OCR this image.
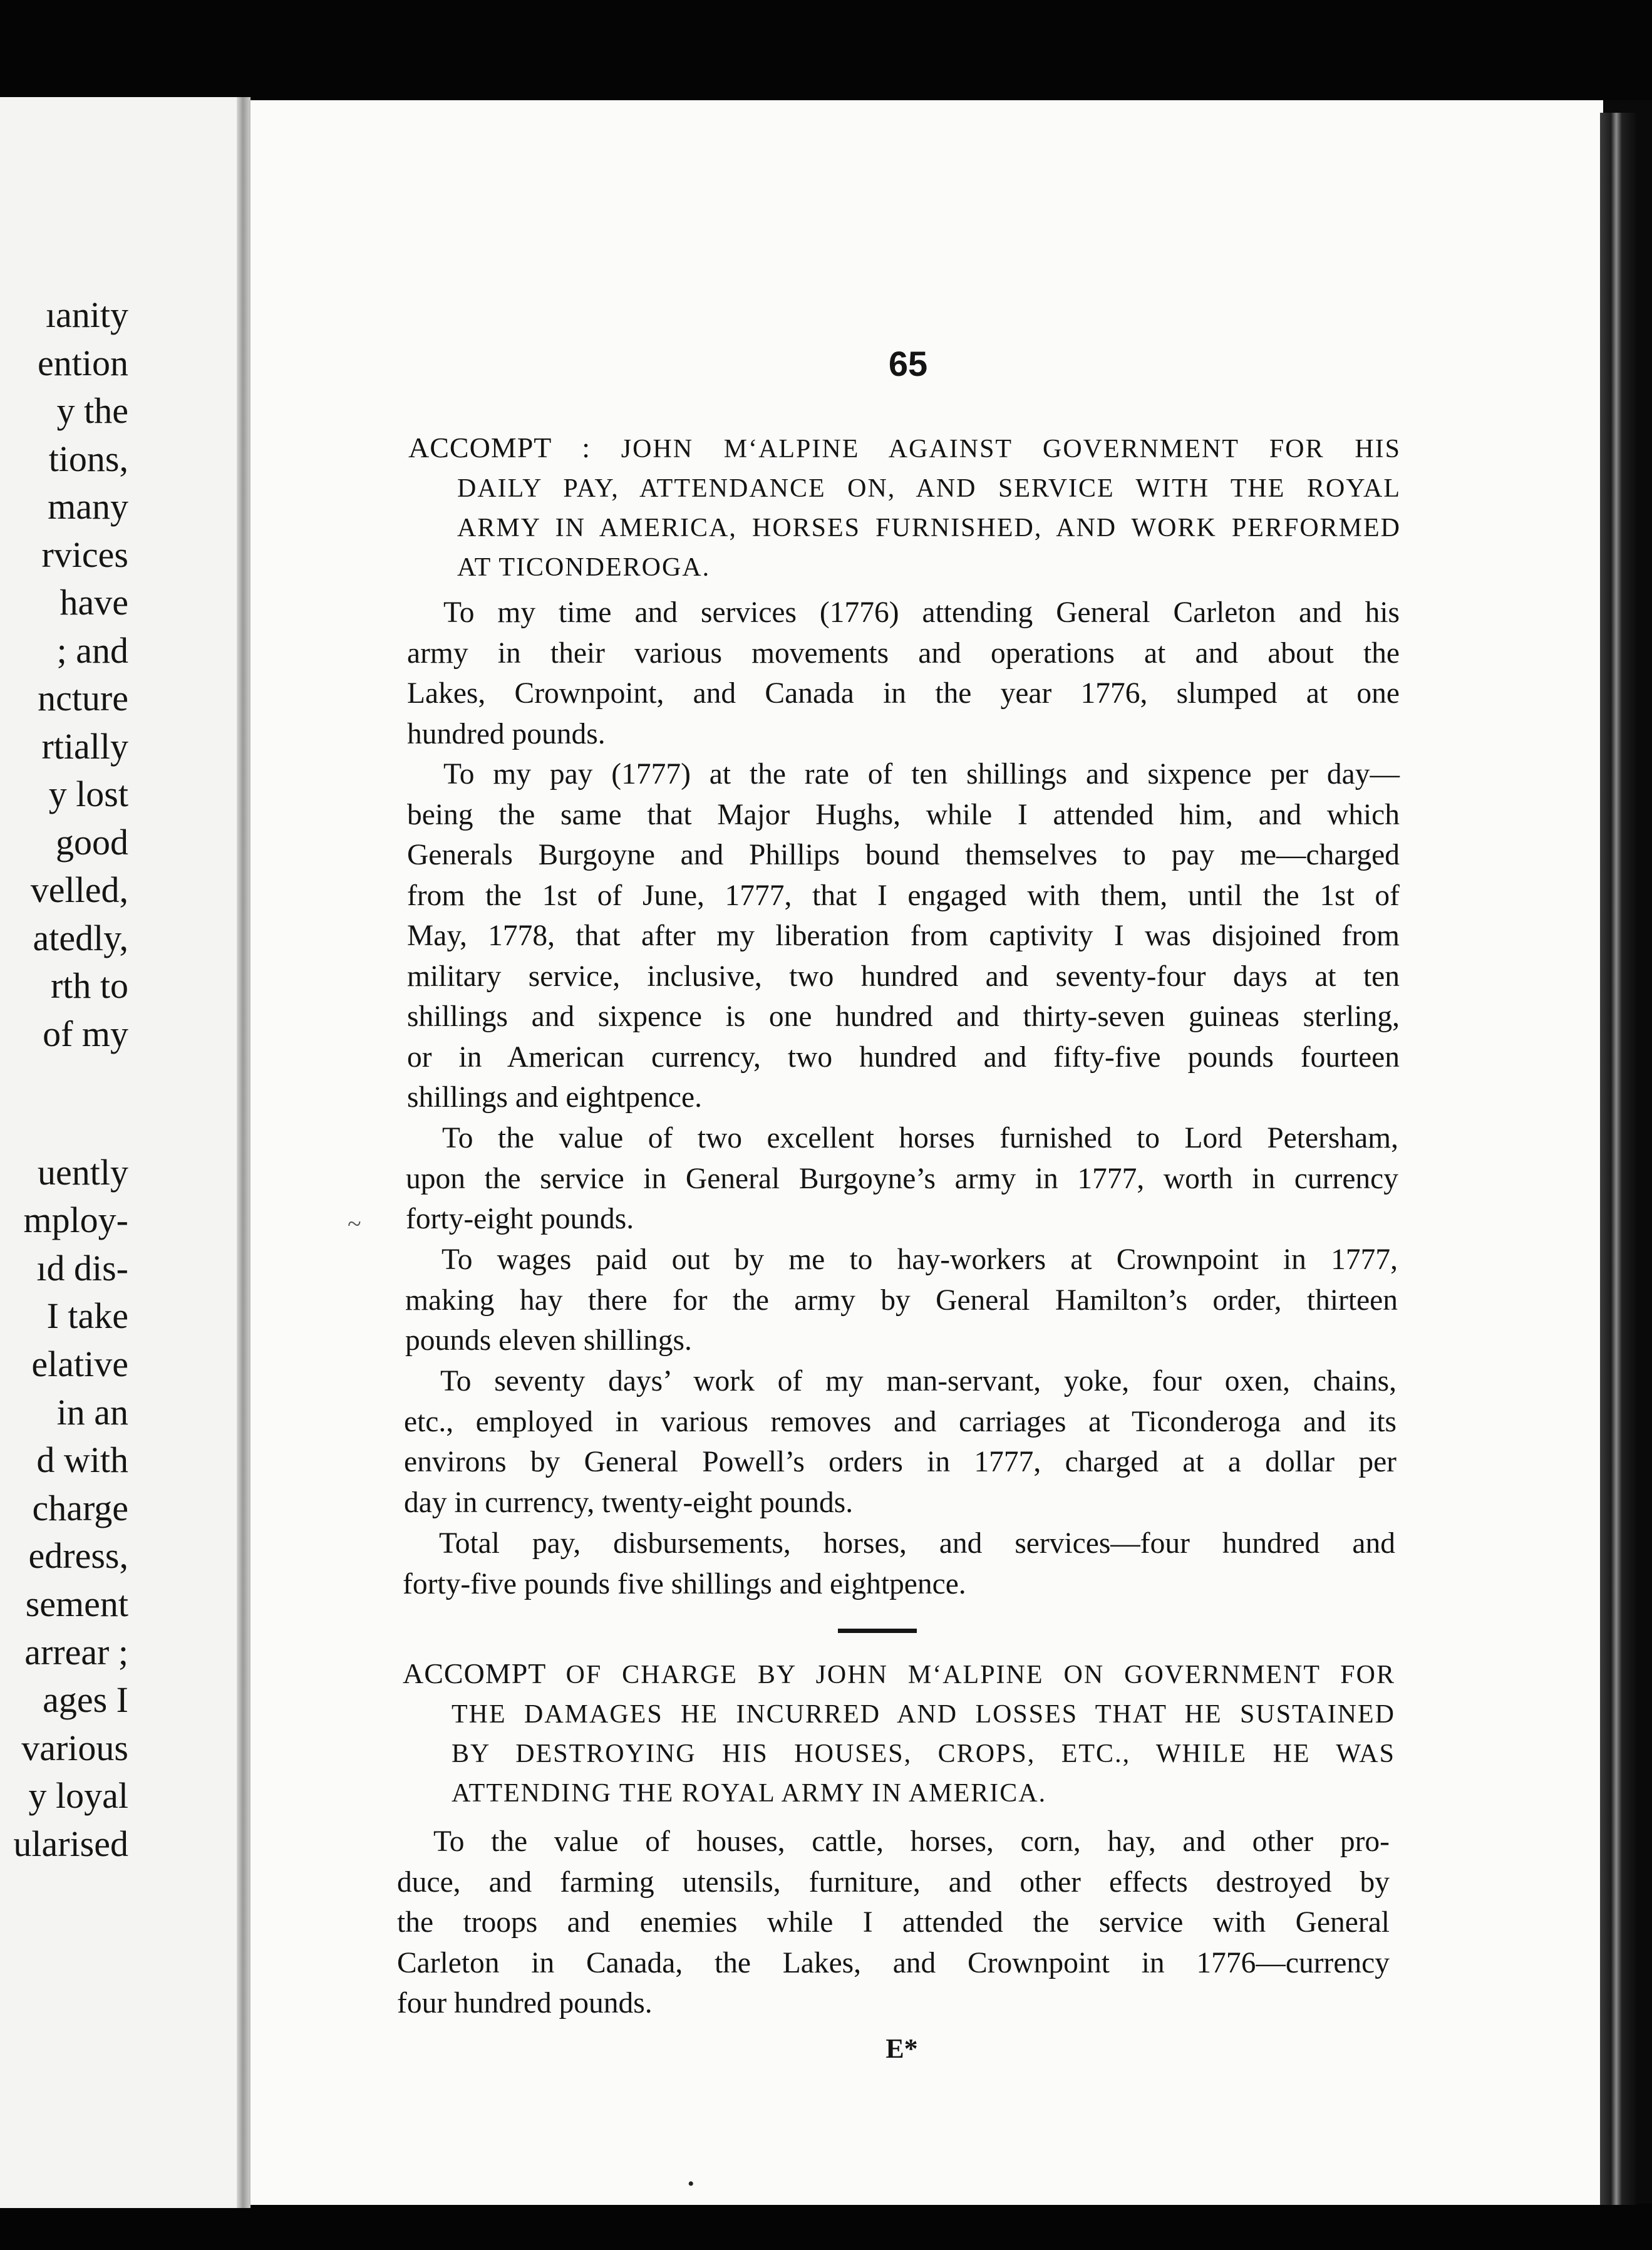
ıanity
ention
y the
tions,
many
rvices
have
; and
ncture
rtially
y lost
good
velled,
atedly,
rth to
of my
uently
mploy-
ıd dis-
I take
elative
in an
d with
charge
edress,
sement
arrear ;
ages I
various
y loyal
ularised
65
ACCOMPT : JOHN M‘ALPINE AGAINST GOVERNMENT FOR HIS
DAILY PAY, ATTENDANCE ON, AND SERVICE WITH THE ROYAL
ARMY IN AMERICA, HORSES FURNISHED, AND WORK PERFORMED
AT TICONDEROGA.
To my time and services (1776) attending General Carleton and his
army in their various movements and operations at and about the
Lakes, Crownpoint, and Canada in the year 1776, slumped at one
hundred pounds.
To my pay (1777) at the rate of ten shillings and sixpence per day—
being the same that Major Hughs, while I attended him, and which
Generals Burgoyne and Phillips bound themselves to pay me—charged
from the 1st of June, 1777, that I engaged with them, until the 1st of
May, 1778, that after my liberation from captivity I was disjoined from
military service, inclusive, two hundred and seventy-four days at ten
shillings and sixpence is one hundred and thirty-seven guineas sterling,
or in American currency, two hundred and fifty-five pounds fourteen
shillings and eightpence.
To the value of two excellent horses furnished to Lord Petersham,
upon the service in General Burgoyne’s army in 1777, worth in currency
forty-eight pounds.
To wages paid out by me to hay-workers at Crownpoint in 1777,
making hay there for the army by General Hamilton’s order, thirteen
pounds eleven shillings.
To seventy days’ work of my man-servant, yoke, four oxen, chains,
etc., employed in various removes and carriages at Ticonderoga and its
environs by General Powell’s orders in 1777, charged at a dollar per
day in currency, twenty-eight pounds.
Total pay, disbursements, horses, and services—four hundred and
forty-five pounds five shillings and eightpence.
ACCOMPT OF CHARGE BY JOHN M‘ALPINE ON GOVERNMENT FOR
THE DAMAGES HE INCURRED AND LOSSES THAT HE SUSTAINED
BY DESTROYING HIS HOUSES, CROPS, ETC., WHILE HE WAS
ATTENDING THE ROYAL ARMY IN AMERICA.
To the value of houses, cattle, horses, corn, hay, and other pro-
duce, and farming utensils, furniture, and other effects destroyed by
the troops and enemies while I attended the service with General
Carleton in Canada, the Lakes, and Crownpoint in 1776—currency
four hundred pounds.
E*
~
•
